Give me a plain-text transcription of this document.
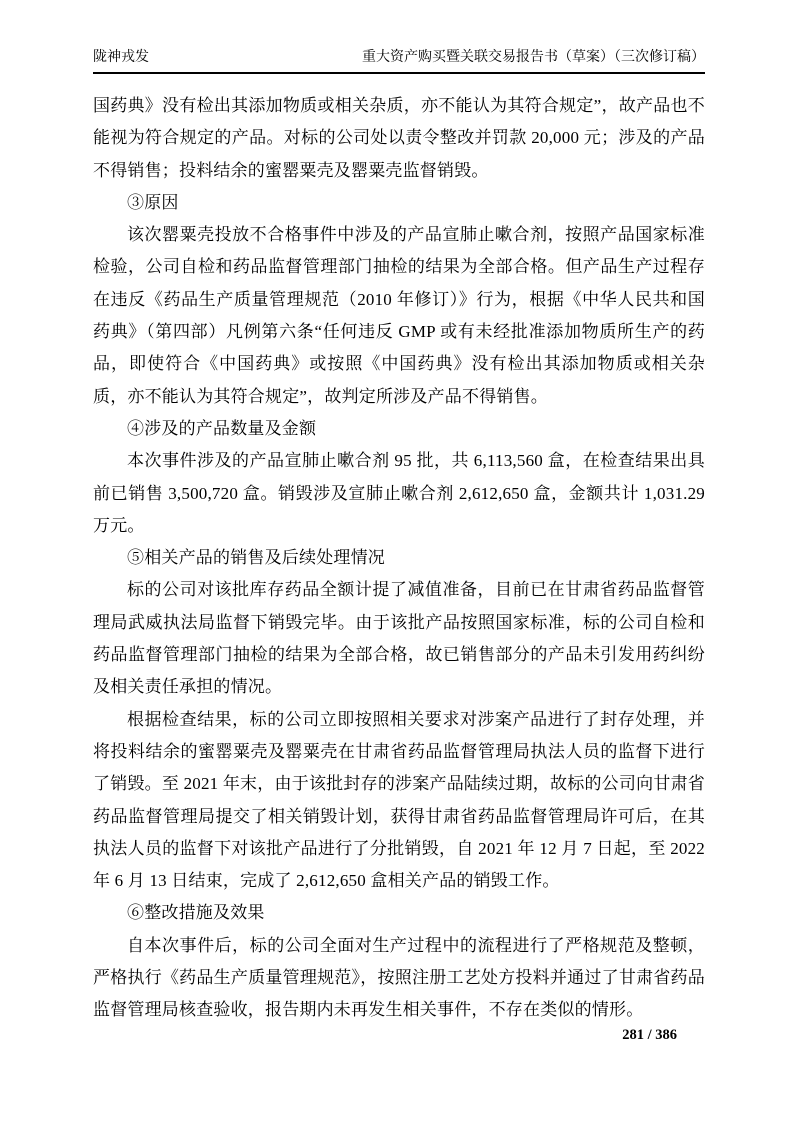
陇神戎发	重大资产购买暨关联交易报告书（草案）（三次修订稿）

国药典》没有检出其添加物质或相关杂质，亦不能认为其符合规定”，故产品也不能视为符合规定的产品。对标的公司处以责令整改并罚款 20,000 元；涉及的产品不得销售；投料结余的蜜罂粟壳及罂粟壳监督销毁。

③原因

该次罂粟壳投放不合格事件中涉及的产品宣肺止嗽合剂，按照产品国家标准检验，公司自检和药品监督管理部门抽检的结果为全部合格。但产品生产过程存在违反《药品生产质量管理规范（2010 年修订）》行为，根据《中华人民共和国药典》（第四部）凡例第六条“任何违反 GMP 或有未经批准添加物质所生产的药品，即使符合《中国药典》或按照《中国药典》没有检出其添加物质或相关杂质，亦不能认为其符合规定”，故判定所涉及产品不得销售。

④涉及的产品数量及金额

本次事件涉及的产品宣肺止嗽合剂 95 批，共 6,113,560 盒，在检查结果出具前已销售 3,500,720 盒。销毁涉及宣肺止嗽合剂 2,612,650 盒，金额共计 1,031.29 万元。

⑤相关产品的销售及后续处理情况

标的公司对该批库存药品全额计提了减值准备，目前已在甘肃省药品监督管理局武威执法局监督下销毁完毕。由于该批产品按照国家标准，标的公司自检和药品监督管理部门抽检的结果为全部合格，故已销售部分的产品未引发用药纠纷及相关责任承担的情况。

根据检查结果，标的公司立即按照相关要求对涉案产品进行了封存处理，并将投料结余的蜜罂粟壳及罂粟壳在甘肃省药品监督管理局执法人员的监督下进行了销毁。至 2021 年末，由于该批封存的涉案产品陆续过期，故标的公司向甘肃省药品监督管理局提交了相关销毁计划，获得甘肃省药品监督管理局许可后，在其执法人员的监督下对该批产品进行了分批销毁，自 2021 年 12 月 7 日起，至 2022 年 6 月 13 日结束，完成了 2,612,650 盒相关产品的销毁工作。

⑥整改措施及效果

自本次事件后，标的公司全面对生产过程中的流程进行了严格规范及整顿，严格执行《药品生产质量管理规范》，按照注册工艺处方投料并通过了甘肃省药品监督管理局核查验收，报告期内未再发生相关事件，不存在类似的情形。

281 / 386
